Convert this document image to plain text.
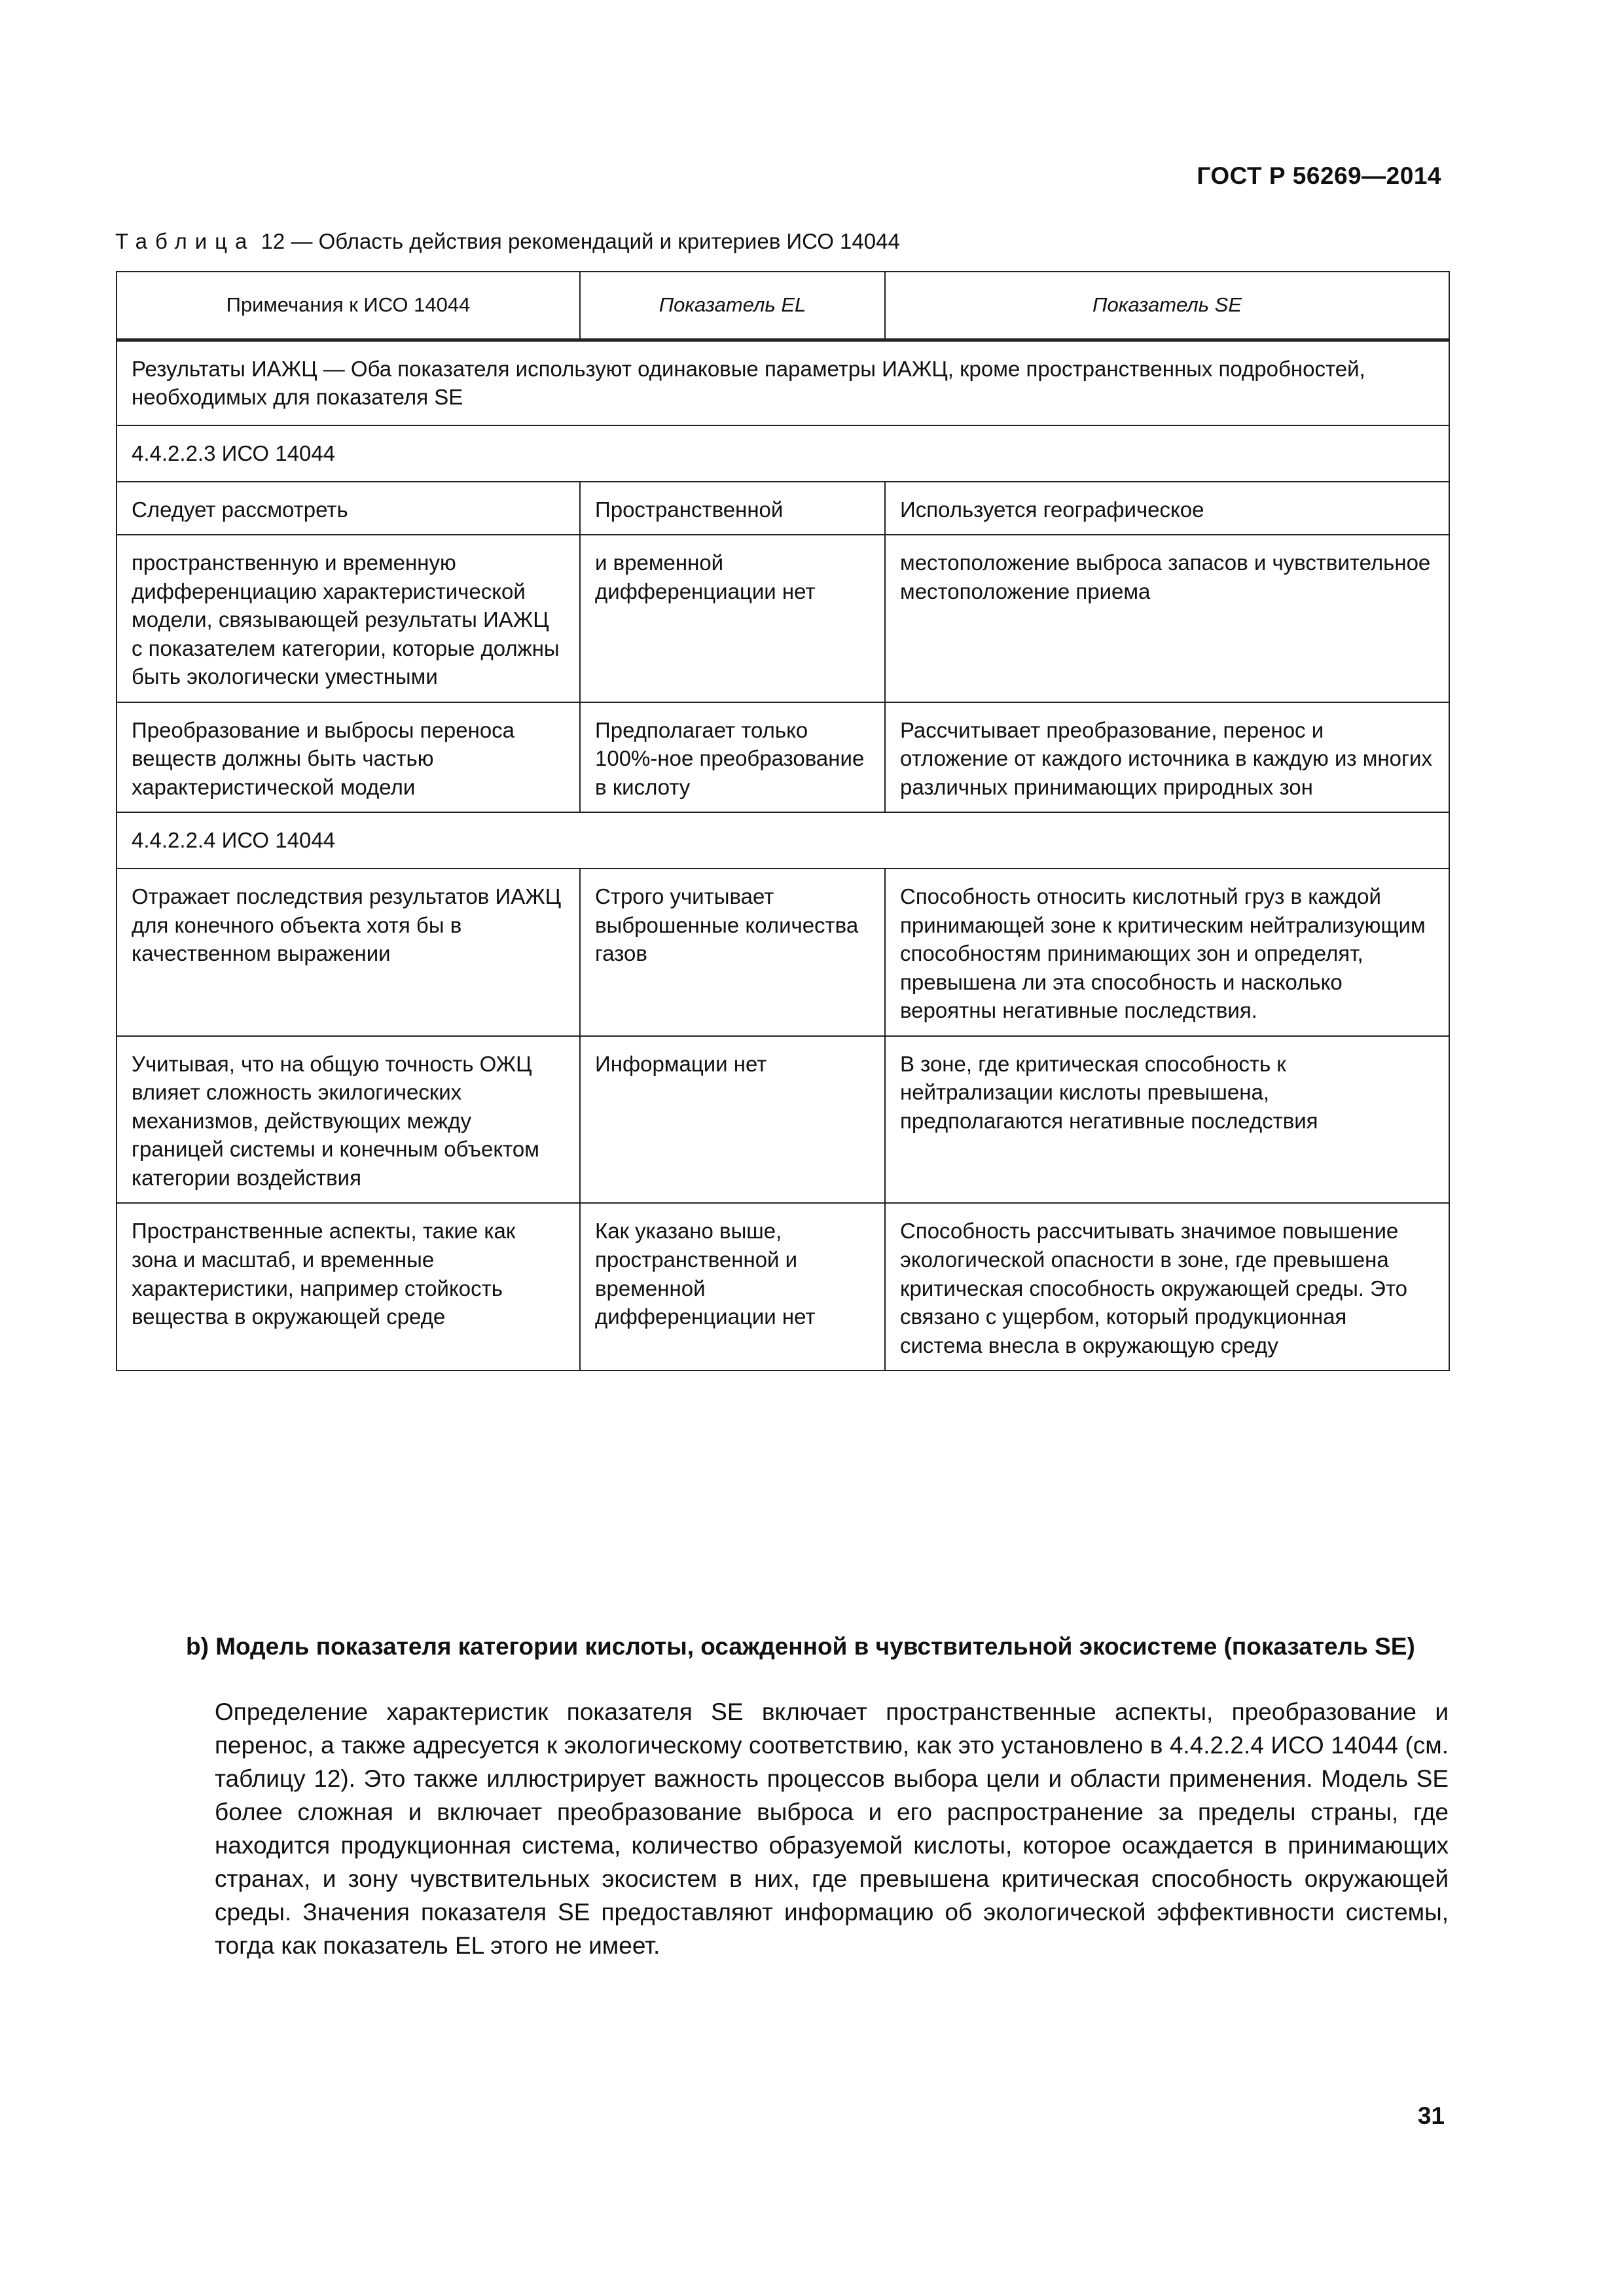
ГОСТ Р 56269—2014
Таблица 12 — Область действия рекомендаций и критериев ИСО 14044
Примечания к ИСО 14044	Показатель EL	Показатель SE
Результаты ИАЖЦ — Оба показателя используют одинаковые параметры ИАЖЦ, кроме пространственных подробностей, необходимых для показателя SE		
4.4.2.2.3 ИСО 14044		
Следует рассмотреть	Пространственной	Используется географическое
пространственную и временную дифференциацию характеристической модели, связывающей результаты ИАЖЦ с показателем категории, которые должны быть экологически уместными	и временной дифференциации нет	местоположение выброса запасов и чувствительное местоположение приема
Преобразование и выбросы переноса веществ должны быть частью характеристической модели	Предполагает только 100%-ное преобразование в кислоту	Рассчитывает преобразование, перенос и отложение от каждого источника в каждую из многих различных принимающих природных зон
4.4.2.2.4 ИСО 14044		
Отражает последствия результатов ИАЖЦ для конечного объекта хотя бы в качественном выражении	Строго учитывает выброшенные количества газов	Способность относить кислотный груз в каждой принимающей зоне к критическим нейтрализующим способностям принимающих зон и определят, превышена ли эта способность и насколько вероятны негативные последствия.
Учитывая, что на общую точность ОЖЦ влияет сложность экилогических механизмов, действующих между границей системы и конечным объектом категории воздействия	Информации нет	В зоне, где критическая способность к нейтрализации кислоты превышена, предполагаются негативные последствия
Пространственные аспекты, такие как зона и масштаб, и временные характеристики, например стойкость вещества в окружающей среде	Как указано выше, пространственной и временной дифференциации нет	Способность рассчитывать значимое повышение экологической опасности в зоне, где превышена критическая способность окружающей среды. Это связано с ущербом, который продукционная система внесла в окружающую среду
b) Модель показателя категории кислоты, осажденной в чувствительной экосистеме (показатель SE)
Определение характеристик показателя SE включает пространственные аспекты, преобразование и перенос, а также адресуется к экологическому соответствию, как это установлено в 4.4.2.2.4 ИСО 14044 (см. таблицу 12). Это также иллюстрирует важность процессов выбора цели и области применения. Модель SE более сложная и включает преобразование выброса и его распространение за пределы страны, где находится продукционная система, количество образуемой кислоты, которое осаждается в принимающих странах, и зону чувствительных экосистем в них, где превышена критическая способность окружающей среды. Значения показателя SE предоставляют информацию об экологической эффективности системы, тогда как показатель EL этого не имеет.
31
